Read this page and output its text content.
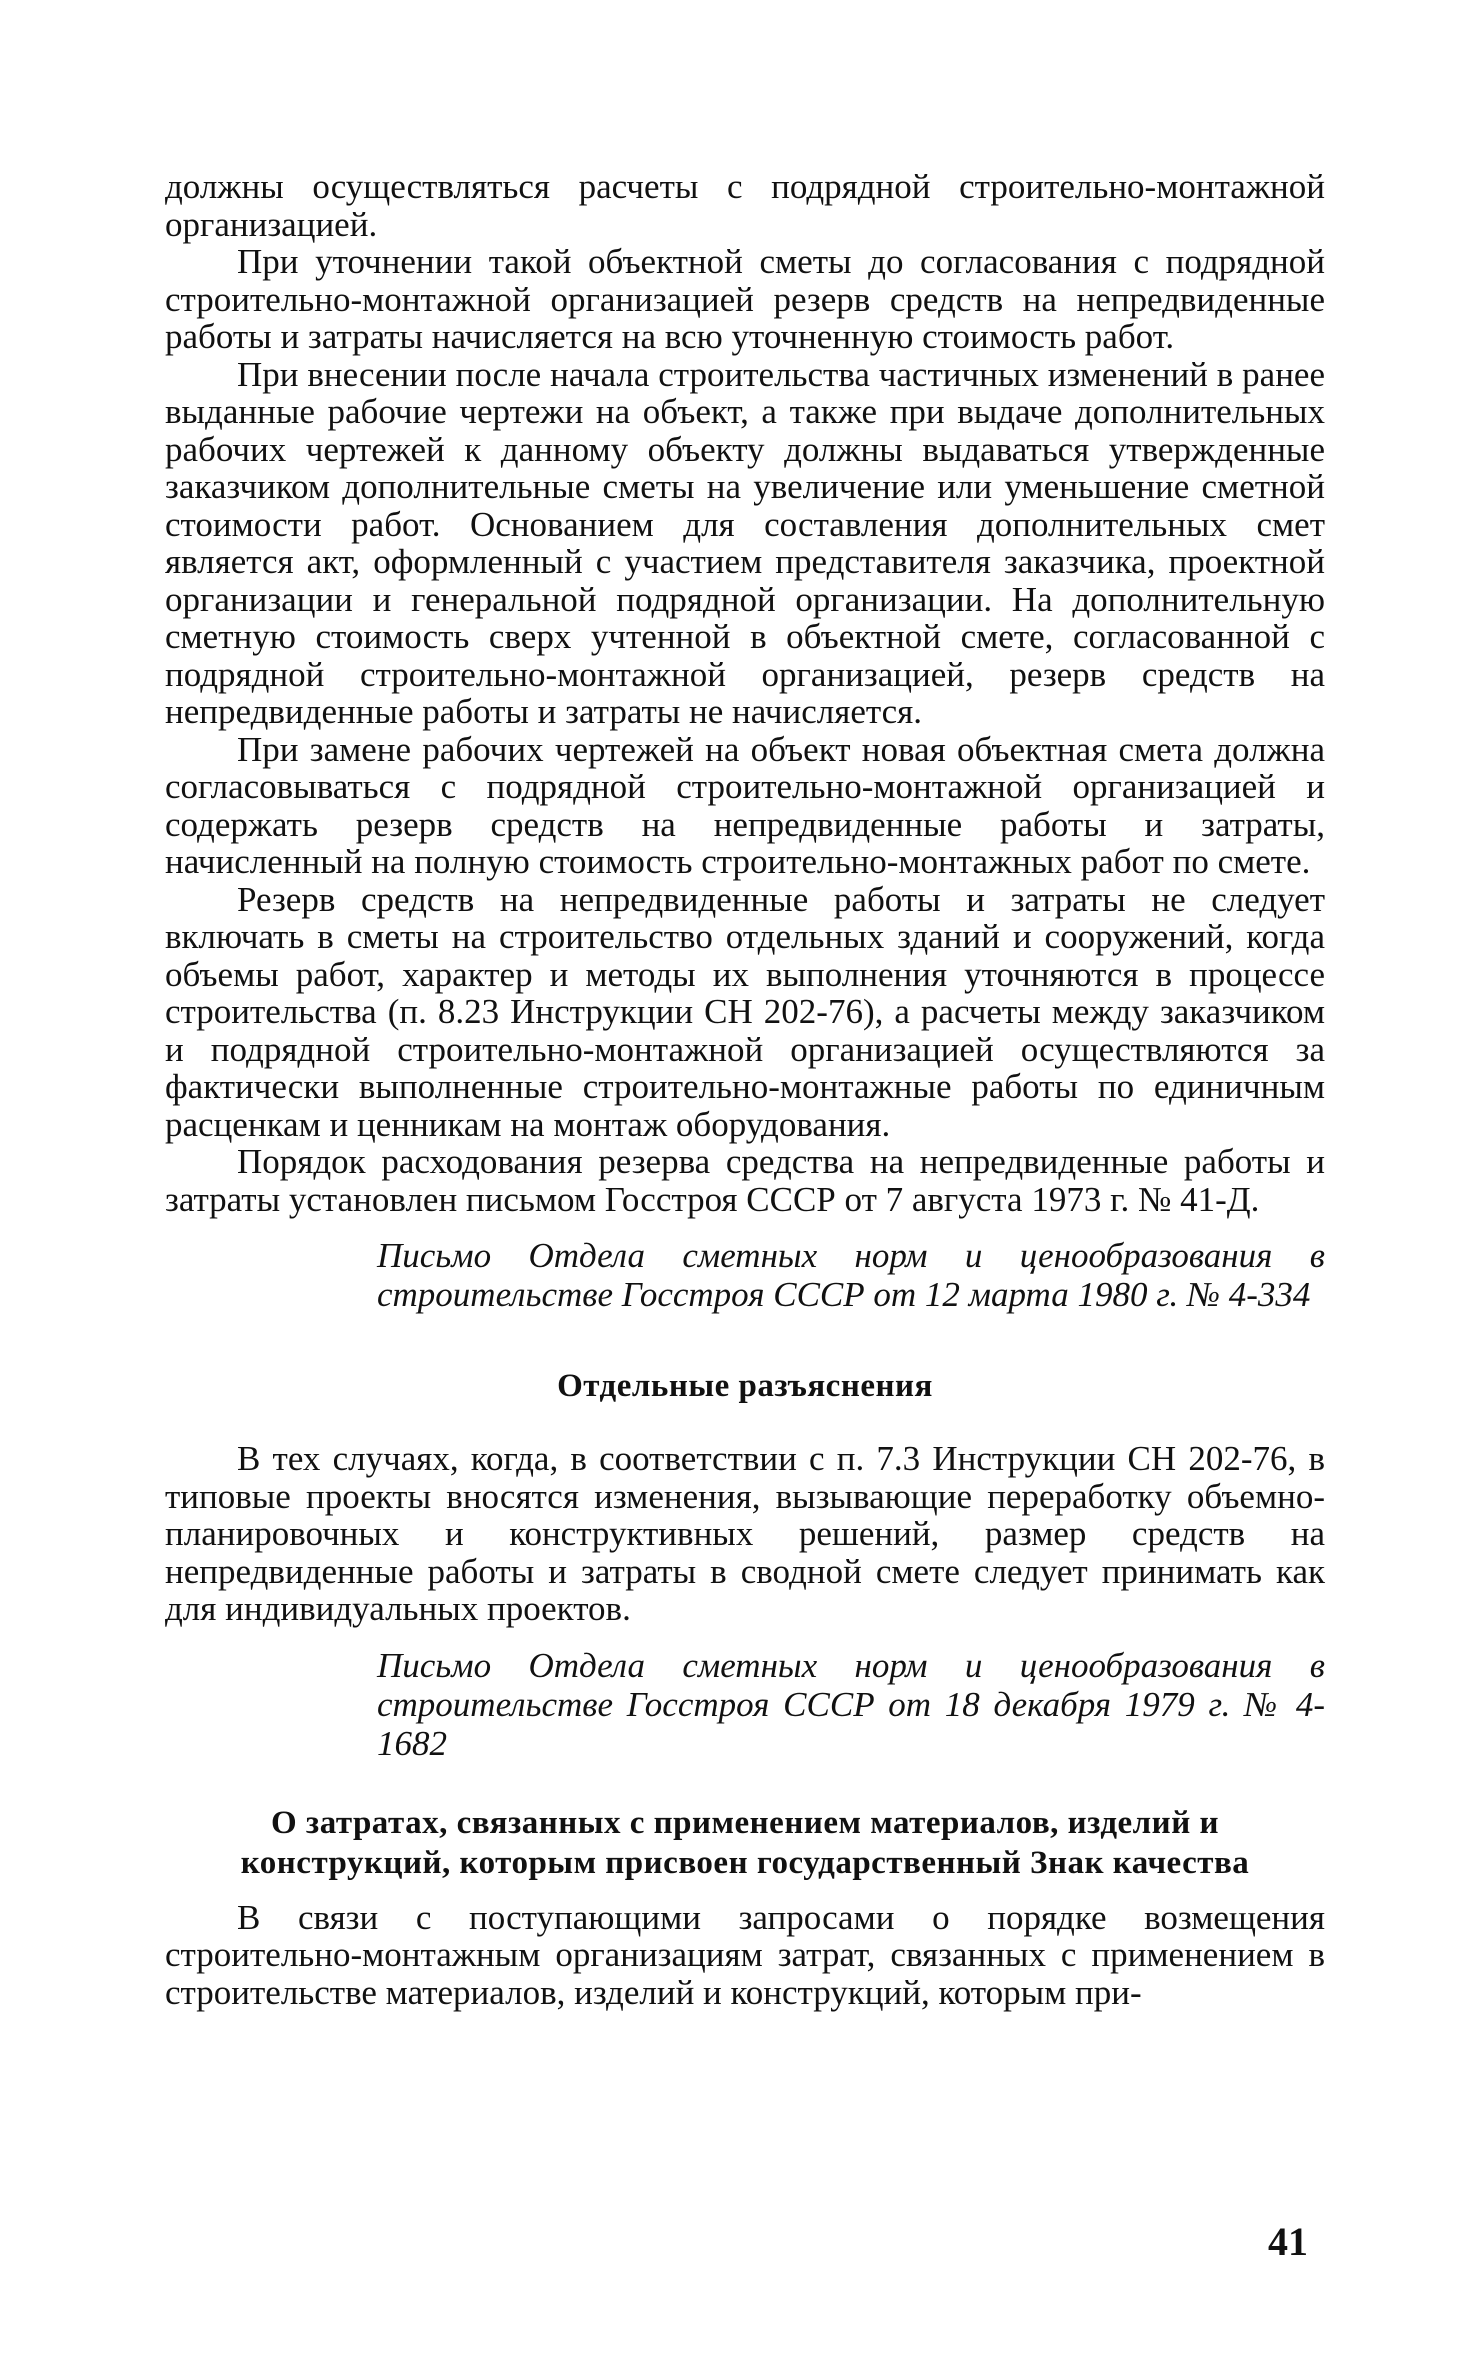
должны осуществляться расчеты с подрядной строительно-монтажной организацией.

При уточнении такой объектной сметы до согласования с подрядной строительно-монтажной организацией резерв средств на непредвиденные работы и затраты начисляется на всю уточненную стоимость работ.

При внесении после начала строительства частичных изменений в ранее выданные рабочие чертежи на объект, а также при выдаче дополнительных рабочих чертежей к данному объекту должны выдаваться утвержденные заказчиком дополнительные сметы на увеличение или уменьшение сметной стоимости работ. Основанием для составления дополнительных смет является акт, оформленный с участием представителя заказчика, проектной организации и генеральной подрядной организации. На дополнительную сметную стоимость сверх учтенной в объектной смете, согласованной с подрядной строительно-монтажной организацией, резерв средств на непредвиденные работы и затраты не начисляется.

При замене рабочих чертежей на объект новая объектная смета должна согласовываться с подрядной строительно-монтажной организацией и содержать резерв средств на непредвиденные работы и затраты, начисленный на полную стоимость строительно-монтажных работ по смете.

Резерв средств на непредвиденные работы и затраты не следует включать в сметы на строительство отдельных зданий и сооружений, когда объемы работ, характер и методы их выполнения уточняются в процессе строительства (п. 8.23 Инструкции СН 202-76), а расчеты между заказчиком и подрядной строительно-монтажной организацией осуществляются за фактически выполненные строительно-монтажные работы по единичным расценкам и ценникам на монтаж оборудования.

Порядок расходования резерва средства на непредвиденные работы и затраты установлен письмом Госстроя СССР от 7 августа 1973 г. № 41-Д.

Письмо Отдела сметных норм и ценообразования в строительстве Госстроя СССР от 12 марта 1980 г. № 4-334

Отдельные разъяснения

В тех случаях, когда, в соответствии с п. 7.3 Инструкции СН 202-76, в типовые проекты вносятся изменения, вызывающие переработку объемно-планировочных и конструктивных решений, размер средств на непредвиденные работы и затраты в сводной смете следует принимать как для индивидуальных проектов.

Письмо Отдела сметных норм и ценообразования в строительстве Госстроя СССР от 18 декабря 1979 г. № 4-1682

О затратах, связанных с применением материалов, изделий и конструкций, которым присвоен государственный Знак качества

В связи с поступающими запросами о порядке возмещения строительно-монтажным организациям затрат, связанных с применением в строительстве материалов, изделий и конструкций, которым при-

41
